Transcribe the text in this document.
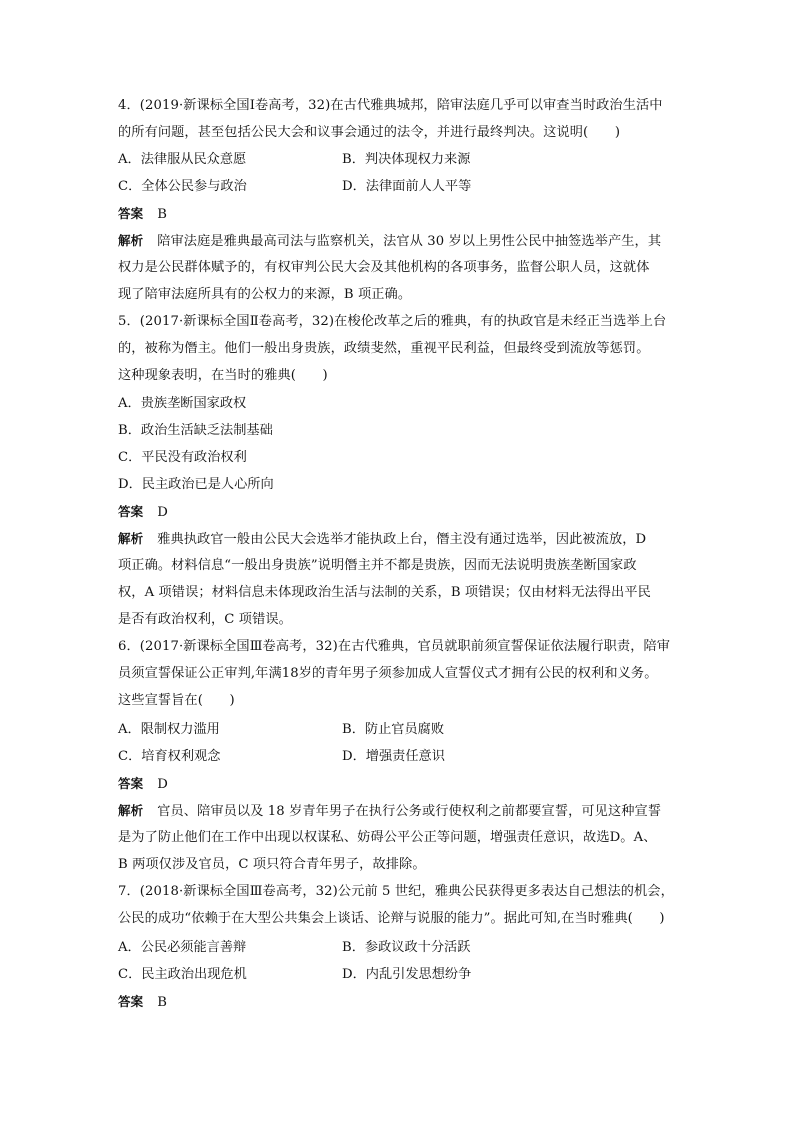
4．(2019·新课标全国Ⅰ卷高考，32)在古代雅典城邦，陪审法庭几乎可以审查当时政治生活中
的所有问题，甚至包括公民大会和议事会通过的法令，并进行最终判决。这说明(　　)
A．法律服从民众意愿	B．判决体现权力来源
C．全体公民参与政治	D．法律面前人人平等
答案 B
解析 陪审法庭是雅典最高司法与监察机关，法官从 30 岁以上男性公民中抽签选举产生，其
权力是公民群体赋予的，有权审判公民大会及其他机构的各项事务，监督公职人员，这就体
现了陪审法庭所具有的公权力的来源，B 项正确。
5．(2017·新课标全国Ⅱ卷高考，32)在梭伦改革之后的雅典，有的执政官是未经正当选举上台
的，被称为僭主。他们一般出身贵族，政绩斐然，重视平民利益，但最终受到流放等惩罚。
这种现象表明，在当时的雅典(　　)
A．贵族垄断国家政权
B．政治生活缺乏法制基础
C．平民没有政治权利
D．民主政治已是人心所向
答案 D
解析 雅典执政官一般由公民大会选举才能执政上台，僭主没有通过选举，因此被流放，D
项正确。材料信息“一般出身贵族”说明僭主并不都是贵族，因而无法说明贵族垄断国家政
权，A 项错误；材料信息未体现政治生活与法制的关系，B 项错误；仅由材料无法得出平民
是否有政治权利，C 项错误。
6．(2017·新课标全国Ⅲ卷高考，32)在古代雅典，官员就职前须宣誓保证依法履行职责，陪审
员须宣誓保证公正审判,年满18岁的青年男子须参加成人宣誓仪式才拥有公民的权利和义务。
这些宣誓旨在(　　)
A．限制权力滥用	B．防止官员腐败
C．培育权利观念	D．增强责任意识
答案 D
解析 官员、陪审员以及 18 岁青年男子在执行公务或行使权利之前都要宣誓，可见这种宣誓
是为了防止他们在工作中出现以权谋私、妨碍公平公正等问题，增强责任意识，故选D。A、
B 两项仅涉及官员，C 项只符合青年男子，故排除。
7．(2018·新课标全国Ⅲ卷高考，32)公元前 5 世纪，雅典公民获得更多表达自己想法的机会，
公民的成功“依赖于在大型公共集会上谈话、论辩与说服的能力”。据此可知,在当时雅典(　　)
A．公民必须能言善辩	B．参政议政十分活跃
C．民主政治出现危机	D．内乱引发思想纷争
答案 B
